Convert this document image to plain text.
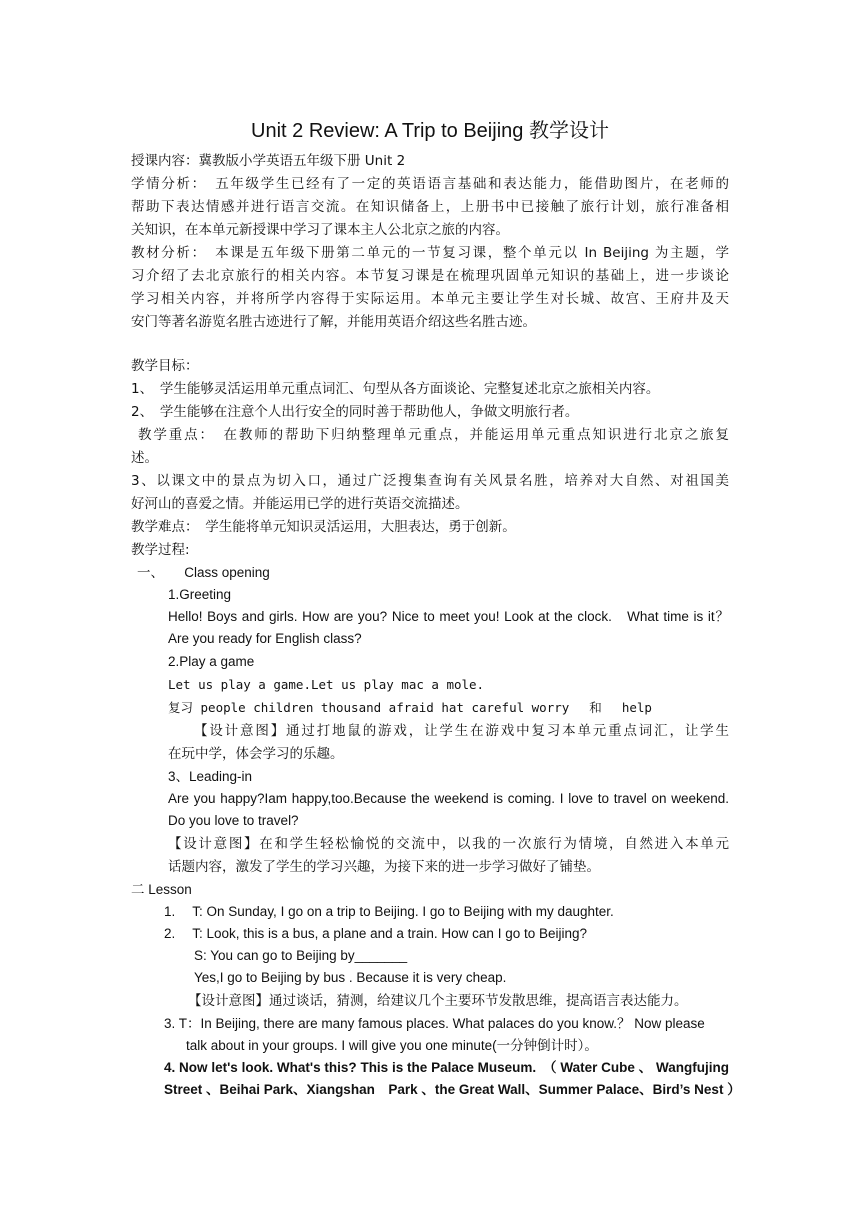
Unit 2 Review: A Trip to Beijing 教学设计
授课内容：冀教版小学英语五年级下册 Unit 2
学情分析：　五年级学生已经有了一定的英语语言基础和表达能力，能借助图片，在老师的
帮助下表达情感并进行语言交流。在知识储备上，上册书中已接触了旅行计划，旅行准备相
关知识，在本单元新授课中学习了课本主人公北京之旅的内容。
教材分析：　本课是五年级下册第二单元的一节复习课，整个单元以 In Beijing 为主题，学
习介绍了去北京旅行的相关内容。本节复习课是在梳理巩固单元知识的基础上，进一步谈论
学习相关内容，并将所学内容得于实际运用。本单元主要让学生对长城、故宫、王府井及天
安门等著名游览名胜古迹进行了解，并能用英语介绍这些名胜古迹。
教学目标：
1、　学生能够灵活运用单元重点词汇、句型从各方面谈论、完整复述北京之旅相关内容。
2、　学生能够在注意个人出行安全的同时善于帮助他人，争做文明旅行者。
教学重点：　在教师的帮助下归纳整理单元重点，并能运用单元重点知识进行北京之旅复
述。
3、以课文中的景点为切入口，通过广泛搜集查询有关风景名胜，培养对大自然、对祖国美
好河山的喜爱之情。并能运用已学的进行英语交流描述。
教学难点：　学生能将单元知识灵活运用，大胆表达，勇于创新。
教学过程:
一、　　Class opening
1.Greeting
Hello! Boys and girls. How are you? Nice to meet you! Look at the clock.　What time is it？
Are you ready for English class?
2.Play a game
Let us play a game.Let us play mac a mole.
复习 people children thousand afraid hat careful worry　 和　 help
【设计意图】通过打地鼠的游戏，让学生在游戏中复习本单元重点词汇，让学生
在玩中学，体会学习的乐趣。
3、Leading-in
Are you happy?Iam happy,too.Because the weekend is coming. I love to travel on weekend.
Do you love to travel?
【设计意图】在和学生轻松愉悦的交流中，以我的一次旅行为情境，自然进入本单元
话题内容，激发了学生的学习兴趣，为接下来的进一步学习做好了铺垫。
二 Lesson
1.　 T: On Sunday, I go on a trip to Beijing. I go to Beijing with my daughter.
2.　 T: Look, this is a bus, a plane and a train. How can I go to Beijing?
S: You can go to Beijing by_______
Yes,I go to Beijing by bus . Because it is very cheap.
【设计意图】通过谈话，猜测，给建议几个主要环节发散思维，提高语言表达能力。
3. T：In Beijing, there are many famous places. What palaces do you know.？ Now please
talk about in your groups. I will give you one minute(一分钟倒计时）。
4. Now let's look. What's this? This is the Palace Museum.　（ Water Cube 、 Wangfujing
Street 、Beihai Park、Xiangshan　Park 、the Great Wall、Summer Palace、Bird’s Nest ）
